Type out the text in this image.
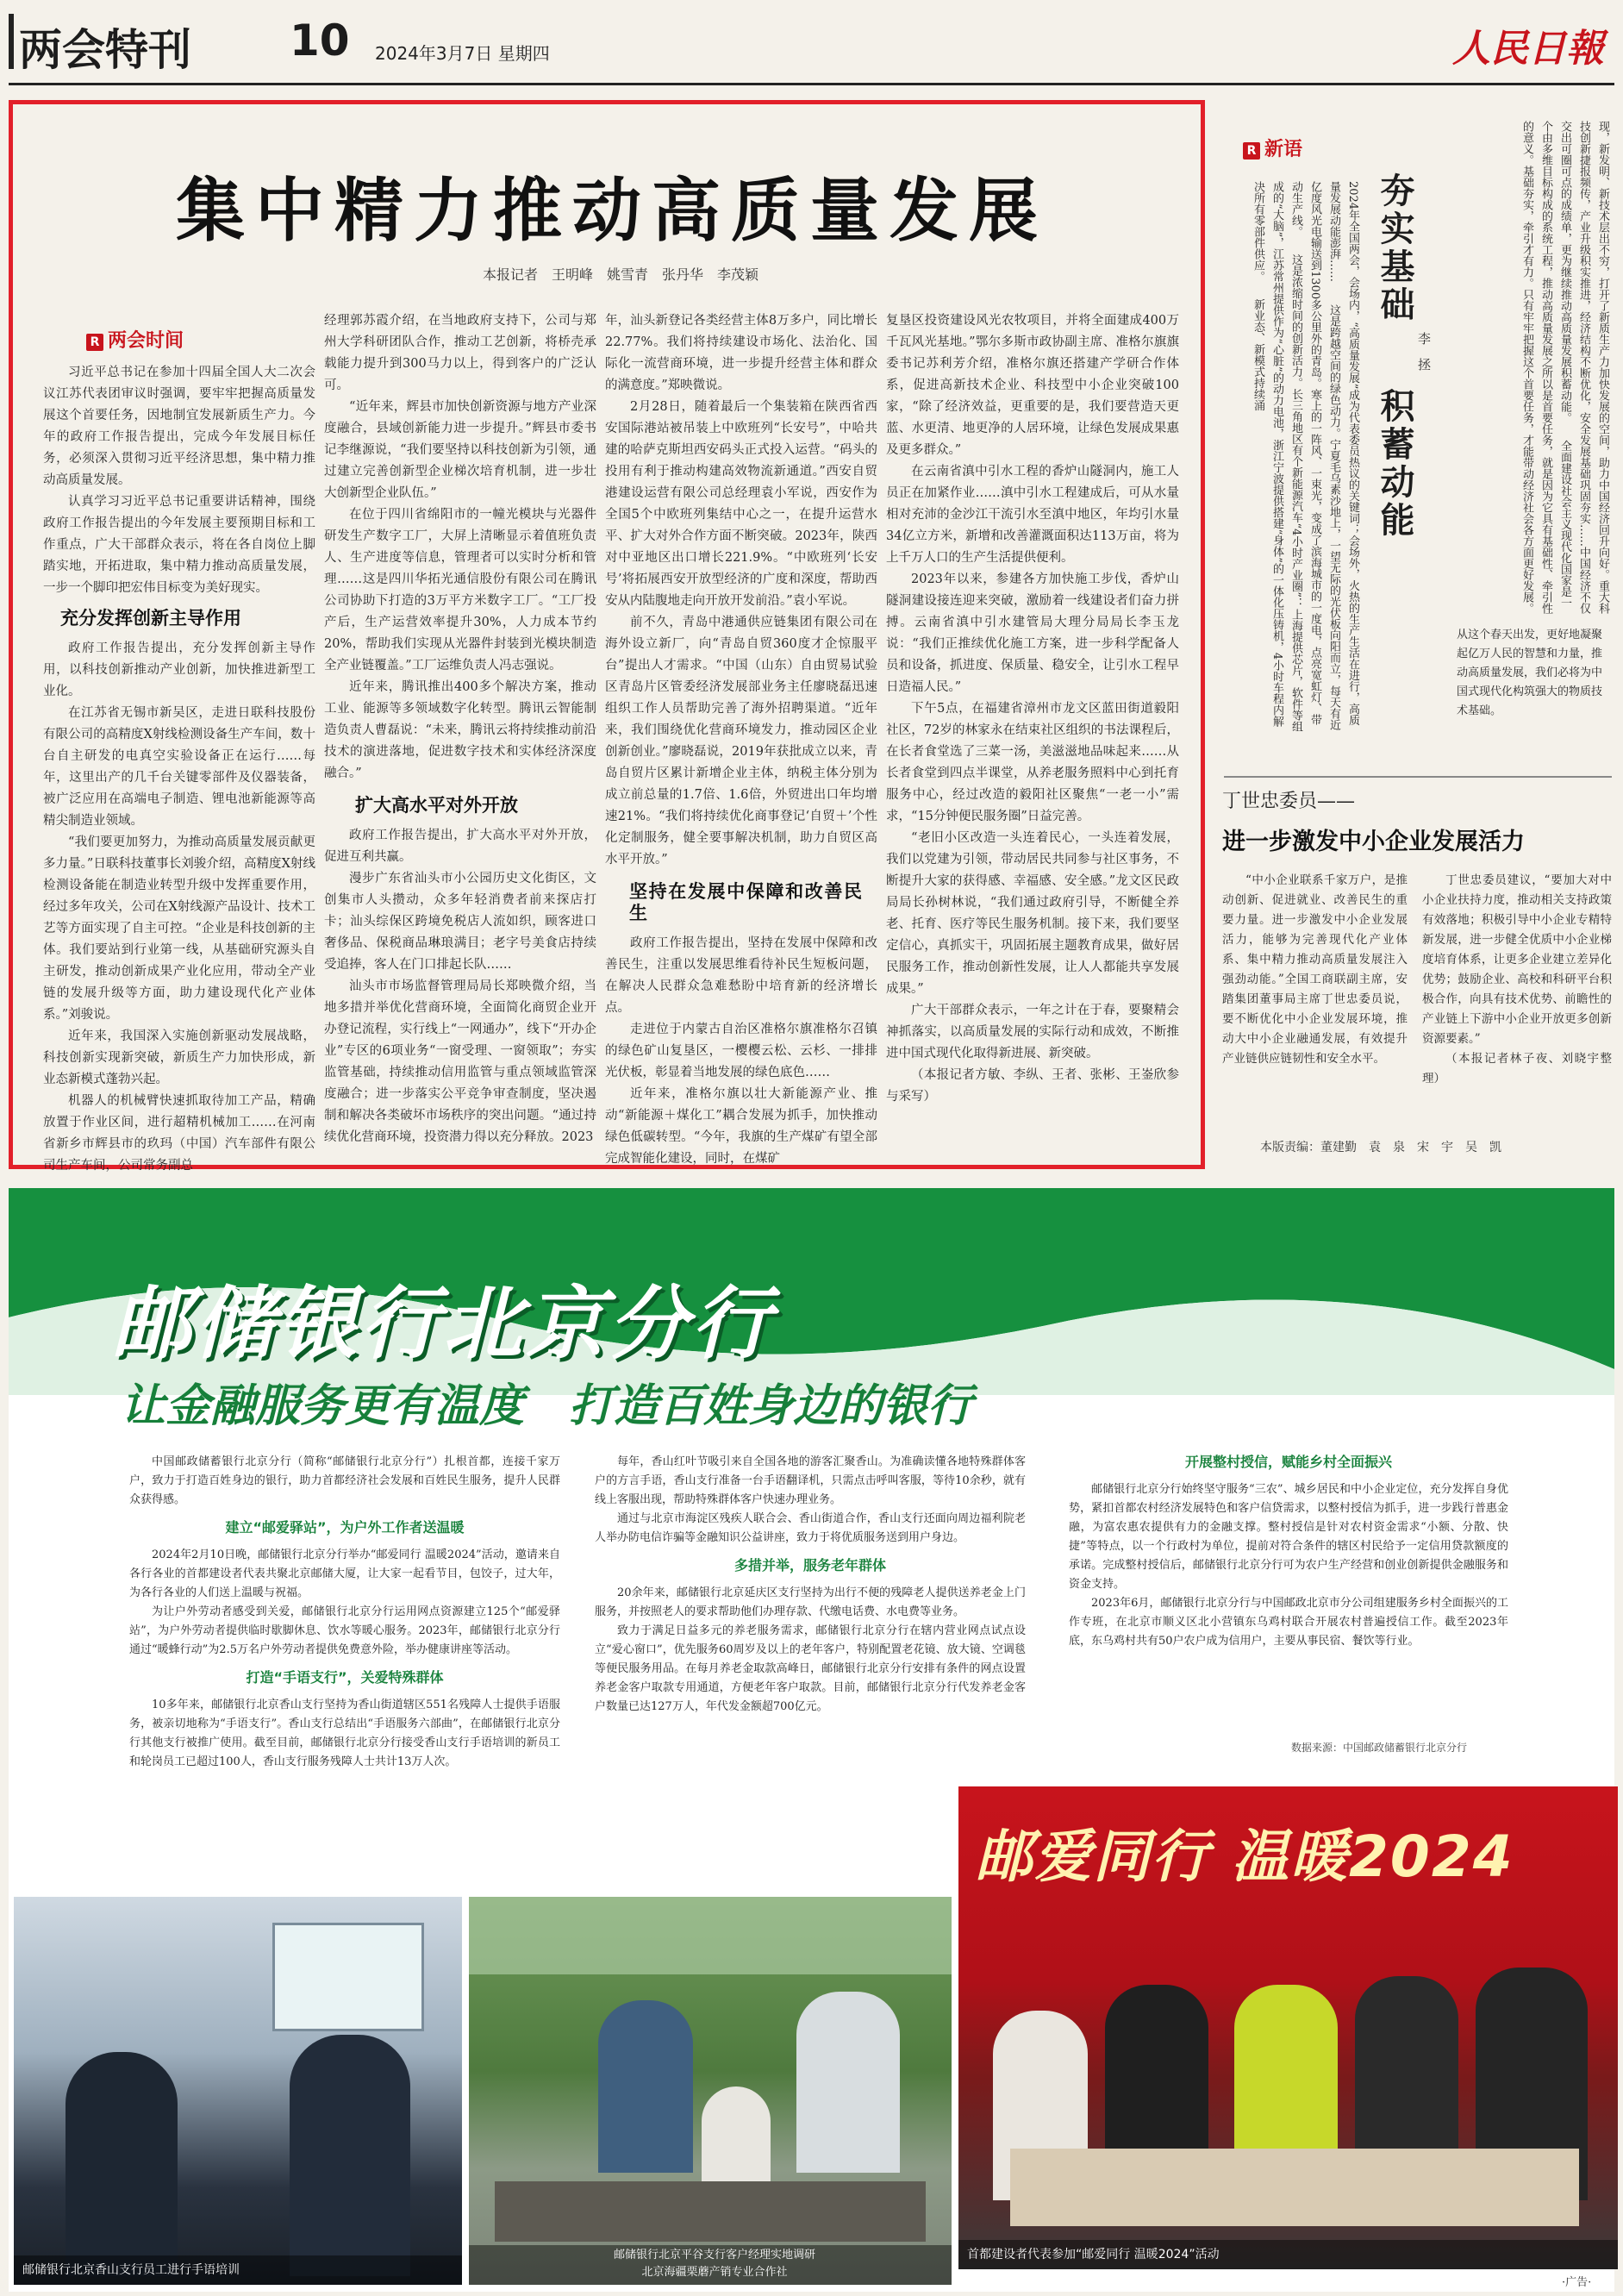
两会特刊 10 2024年3月7日 星期四	人民日報
集中精力推动高质量发展
本报记者　王明峰　姚雪青　张丹华　李茂颖
R 两会时间

习近平总书记在参加十四届全国人大二次会议江苏代表团审议时强调，要牢牢把握高质量发展这个首要任务，因地制宜发展新质生产力。今年的政府工作报告提出，完成今年发展目标任务，必须深入贯彻习近平经济思想，集中精力推动高质量发展。

认真学习习近平总书记重要讲话精神，围绕政府工作报告提出的今年发展主要预期目标和工作重点，广大干部群众表示，将在各自岗位上脚踏实地，开拓进取，集中精力推动高质量发展，一步一个脚印把宏伟目标变为美好现实。

充分发挥创新主导作用

政府工作报告提出，充分发挥创新主导作用，以科技创新推动产业创新，加快推进新型工业化。

在江苏省无锡市新吴区，走进日联科技股份有限公司的高精度X射线检测设备生产车间，数十台自主研发的电真空实验设备正在运行……每年，这里出产的几千台关键零部件及仪器装备，被广泛应用在高端电子制造、锂电池新能源等高精尖制造业领域。

“我们要更加努力，为推动高质量发展贡献更多力量。”日联科技董事长刘骏介绍，高精度X射线检测设备能在制造业转型升级中发挥重要作用，经过多年攻关，公司在X射线源产品设计、技术工艺等方面实现了自主可控。“企业是科技创新的主体。我们要站到行业第一线，从基础研究源头自主研发，推动创新成果产业化应用，带动全产业链的发展升级等方面，助力建设现代化产业体系。”刘骏说。

近年来，我国深入实施创新驱动发展战略，科技创新实现新突破，新质生产力加快形成，新业态新模式蓬勃兴起。

机器人的机械臂快速抓取待加工产品，精确放置于作业区间，进行超精机械加工……在河南省新乡市辉县市的玖玛（中国）汽车部件有限公司生产车间，公司常务副总

经理郭苏霞介绍，在当地政府支持下，公司与郑州大学科研团队合作，推动工艺创新，将桥壳承载能力提升到300马力以上，得到客户的广泛认可。

“近年来，辉县市加快创新资源与地方产业深度融合，县域创新能力进一步提升。”辉县市委书记李继源说，“我们要坚持以科技创新为引领，通过建立完善创新型企业梯次培育机制，进一步壮大创新型企业队伍。”

在位于四川省绵阳市的一幢光模块与光器件研发生产数字工厂，大屏上清晰显示着值班负责人、生产进度等信息，管理者可以实时分析和管理……这是四川华拓光通信股份有限公司在腾讯公司协助下打造的3万平方米数字工厂。“工厂投产后，生产运营效率提升30%，人力成本节约20%，帮助我们实现从光器件封装到光模块制造全产业链覆盖。”工厂运维负责人冯志强说。

近年来，腾讯推出400多个解决方案，推动工业、能源等多领域数字化转型。腾讯云智能制造负责人曹磊说：“未来，腾讯云将持续推动前沿技术的演进落地，促进数字技术和实体经济深度融合。”

扩大高水平对外开放

政府工作报告提出，扩大高水平对外开放，促进互利共赢。

漫步广东省汕头市小公园历史文化街区，文创集市人头攒动，众多年轻消费者前来探店打卡；汕头综保区跨境免税店人流如织，顾客进口奢侈品、保税商品琳琅满目；老字号美食店持续受追捧，客人在门口排起长队……

汕头市市场监督管理局局长郑映微介绍，当地多措并举优化营商环境，全面简化商贸企业开办登记流程，实行线上“一网通办”，线下“开办企业”专区的6项业务“一窗受理、一窗领取”；夯实监管基础，持续推动信用监管与重点领域监管深度融合；进一步落实公平竞争审查制度，坚决遏制和解决各类破坏市场秩序的突出问题。“通过持续优化营商环境，投资潜力得以充分释放。2023

年，汕头新登记各类经营主体8万多户，同比增长22.77%。我们将持续建设市场化、法治化、国际化一流营商环境，进一步提升经营主体和群众的满意度。”郑映微说。

2月28日，随着最后一个集装箱在陕西省西安国际港站被吊装上中欧班列“长安号”，中哈共建的哈萨克斯坦西安码头正式投入运营。“码头的投用有利于推动构建高效物流新通道。”西安自贸港建设运营有限公司总经理袁小军说，西安作为全国5个中欧班列集结中心之一，在提升运营水平、扩大对外合作方面不断突破。2023年，陕西对中亚地区出口增长221.9%。“中欧班列‘长安号’将拓展西安开放型经济的广度和深度，帮助西安从内陆腹地走向开放开发前沿。”袁小军说。

前不久，青岛中港通供应链集团有限公司在海外设立新厂，向“青岛自贸360度才企惊服平台”提出人才需求。“中国（山东）自由贸易试验区青岛片区管委经济发展部业务主任廖晓磊迅速组织工作人员帮助完善了海外招聘渠道。“近年来，我们围绕优化营商环境发力，推动园区企业创新创业。”廖晓磊说，2019年获批成立以来，青岛自贸片区累计新增企业主体，纳税主体分别为成立前总量的1.7倍、1.6倍，外贸进出口年均增速21%。“我们将持续优化商事登记‘自贸＋’个性化定制服务，健全要事解决机制，助力自贸区高水平开放。”

坚持在发展中保障和改善民生

政府工作报告提出，坚持在发展中保障和改善民生，注重以发展思维看待补民生短板问题，在解决人民群众急难愁盼中培育新的经济增长点。

走进位于内蒙古自治区准格尔旗准格尔召镇的绿色矿山复垦区，一樱樱云松、云杉、一排排光伏板，彰显着当地发展的绿色底色……

近年来，准格尔旗以壮大新能源产业、推动“新能源＋煤化工”耦合发展为抓手，加快推动绿色低碳转型。“今年，我旗的生产煤矿有望全部完成智能化建设，同时，在煤矿

复垦区投资建设风光农牧项目，并将全面建成400万千瓦风光基地。”鄂尔多斯市政协副主席、准格尔旗旗委书记苏利芳介绍，准格尔旗还搭建产学研合作体系，促进高新技术企业、科技型中小企业突破100家，“除了经济效益，更重要的是，我们要营造天更蓝、水更清、地更净的人居环境，让绿色发展成果惠及更多群众。”

在云南省滇中引水工程的香炉山隧洞内，施工人员正在加紧作业……滇中引水工程建成后，可从水量相对充沛的金沙江干流引水至滇中地区，年均引水量34亿立方米，新增和改善灌溉面积达113万亩，将为上千万人口的生产生活提供便利。

2023年以来，参建各方加快施工步伐，香炉山隧洞建设接连迎来突破，激励着一线建设者们奋力拼搏。云南省滇中引水建管局大理分局局长李玉龙说：“我们正推续优化施工方案，进一步科学配备人员和设备，抓进度、保质量、稳安全，让引水工程早日造福人民。”

下午5点，在福建省漳州市龙文区蓝田街道毅阳社区，72岁的林家永在结束社区组织的书法课程后，在长者食堂选了三菜一汤，美滋滋地品味起来……从长者食堂到四点半课堂，从养老服务照料中心到托育服务中心，经过改造的毅阳社区聚焦“一老一小”需求，“15分钟便民服务圈”日益完善。

“老旧小区改造一头连着民心，一头连着发展，我们以党建为引领，带动居民共同参与社区事务，不断提升大家的获得感、幸福感、安全感。”龙文区民政局局长孙树林说，“我们通过政府引导，不断健全养老、托育、医疗等民生服务机制。接下来，我们要坚定信心，真抓实干，巩固拓展主题教育成果，做好居民服务工作，推动创新性发展，让人人都能共享发展成果。”

广大干部群众表示，一年之计在于春，要聚精会神抓落实，以高质量发展的实际行动和成效，不断推进中国式现代化取得新进展、新突破。

（本报记者方敏、李纵、王者、张彬、王崟欣参与采写）

R 新语
夯实基础
积蓄动能
李　拯	现，新发明、新技术层出不穷，打开了新质生产力加快发展的空间，助力中国经济回升向好。重大科技创新捷报频传，产业升级积实推进，经济结构不断优化，安全发展基础巩固夯实……中国经济不仅交出可圈可点的成绩单，更为继续推动高质量发展积蓄动能。　　全面建设社会主义现代化国家是一个由多维目标构成的系统工程，推动高质量发展之所以是首要任务，就是因为它具有基础性、牵引性的意义。基础夯实，牵引才有力。只有牢牢把握这个首要任务，才能带动经济社会各方面更好发展。
2024年全国两会，会场内，“高质量发展”成为代表委员热议的关键词；会场外，火热的生产生活在进行，高质量发展动能澎湃……　　这是跨越空间的绿色动力。宁夏毛乌素沙地上，一望无际的光伏板向阳而立，每天有近亿度风光电输送到1300多公里外的青岛。寒上的一阵风、一束光，变成了滨海城市的一度电，点亮宽虹灯、带动生产线。　　这是浓缩时间的创新活力。长三角地区有个新能源汽车“4小时产业圈”：上海提供芯片，软件等组成的“大脑”，江苏常州提供作为“心脏”的动力电池，浙江宁波提供搭建“身体”的一体化压铸机，4小时车程内解决所有零部件供应。　　新业态、新模式持续涌
从这个春天出发，更好地凝聚起亿万人民的智慧和力量，推动高质量发展，我们必将为中国式现代化构筑强大的物质技术基础。
丁世忠委员——
进一步激发中小企业发展活力

“中小企业联系千家万户，是推动创新、促进就业、改善民生的重要力量。进一步激发中小企业发展活力，能够为完善现代化产业体系、集中精力推动高质量发展注入强劲动能。”全国工商联副主席，安踏集团董事局主席丁世忠委员说，要不断优化中小企业发展环境，推动大中小企业融通发展，有效提升产业链供应链韧性和安全水平。

丁世忠委员建议，“要加大对中小企业扶持力度，推动相关支持政策有效落地；积极引导中小企业专精特新发展，进一步健全优质中小企业梯度培育体系，让更多企业建立差异化优势；鼓励企业、高校和科研平台积极合作，向具有技术优势、前瞻性的产业链上下游中小企业开放更多创新资源要素。”

（本报记者林子夜、刘晓宇整理）

本版责编：董建勤　袁　泉　宋　宇　吴　凯
邮储银行北京分行
让金融服务更有温度　打造百姓身边的银行

中国邮政储蓄银行北京分行（简称“邮储银行北京分行”）扎根首都，连接千家万户，致力于打造百姓身边的银行，助力首都经济社会发展和百姓民生服务，提升人民群众获得感。

建立“邮爱驿站”，为户外工作者送温暖

2024年2月10日晚，邮储银行北京分行举办“邮爱同行 温暖2024”活动，邀请来自各行各业的首都建设者代表共聚北京邮储大厦，让大家一起看节目，包饺子，过大年，为各行各业的人们送上温暖与祝福。

为让户外劳动者感受到关爱，邮储银行北京分行运用网点资源建立125个“邮爱驿站”，为户外劳动者提供临时歇脚休息、饮水等暖心服务。2023年，邮储银行北京分行通过“暖蜂行动”为2.5万名户外劳动者提供免费意外险，举办健康讲座等活动。

打造“手语支行”，关爱特殊群体

10多年来，邮储银行北京香山支行坚持为香山街道辖区551名残障人士提供手语服务，被亲切地称为“手语支行”。香山支行总结出“手语服务六部曲”，在邮储银行北京分行其他支行被推广使用。截至目前，邮储银行北京分行接受香山支行手语培训的新员工和轮岗员工已超过100人，香山支行服务残障人士共计13万人次。

每年，香山红叶节吸引来自全国各地的游客汇聚香山。为准确读懂各地特殊群体客户的方言手语，香山支行准备一台手语翻译机，只需点击呼叫客服，等待10余秒，就有线上客服出现，帮助特殊群体客户快速办理业务。

通过与北京市海淀区残疾人联合会、香山街道合作，香山支行还面向周边福利院老人举办防电信诈骗等金融知识公益讲座，致力于将优质服务送到用户身边。

多措并举，服务老年群体

20余年来，邮储银行北京延庆区支行坚持为出行不便的残障老人提供送养老金上门服务，并按照老人的要求帮助他们办理存款、代缴电话费、水电费等业务。

致力于满足日益多元的养老服务需求，邮储银行北京分行在辖内营业网点试点设立“爱心窗口”，优先服务60周岁及以上的老年客户，特别配置老花镜、放大镜、空调毯等便民服务用品。在每月养老金取款高峰日，邮储银行北京分行安排有条件的网点设置养老金客户取款专用通道，方便老年客户取款。目前，邮储银行北京分行代发养老金客户数量已达127万人，年代发金额超700亿元。

开展整村授信，赋能乡村全面振兴

邮储银行北京分行始终坚守服务“三农”、城乡居民和中小企业定位，充分发挥自身优势，紧扣首都农村经济发展特色和客户信贷需求，以整村授信为抓手，进一步践行普惠金融，为富农惠农提供有力的金融支撑。整村授信是针对农村资金需求“小额、分散、快捷”等特点，以一个行政村为单位，提前对符合条件的辖区村民给予一定信用贷款额度的承诺。完成整村授信后，邮储银行北京分行可为农户生产经营和创业创新提供金融服务和资金支持。

2023年6月，邮储银行北京分行与中国邮政北京市分公司组建服务乡村全面振兴的工作专班，在北京市顺义区北小营镇东乌鸡村联合开展农村普遍授信工作。截至2023年底，东乌鸡村共有50户农户成为信用户，主要从事民宿、餐饮等行业。

数据来源：中国邮政储蓄银行北京分行
邮储银行北京香山支行员工进行手语培训
邮储银行北京平谷支行客户经理实地调研
北京海疆栗蘑产销专业合作社
邮爱同行 温暖2024
首都建设者代表参加“邮爱同行 温暖2024”活动
·广告·
